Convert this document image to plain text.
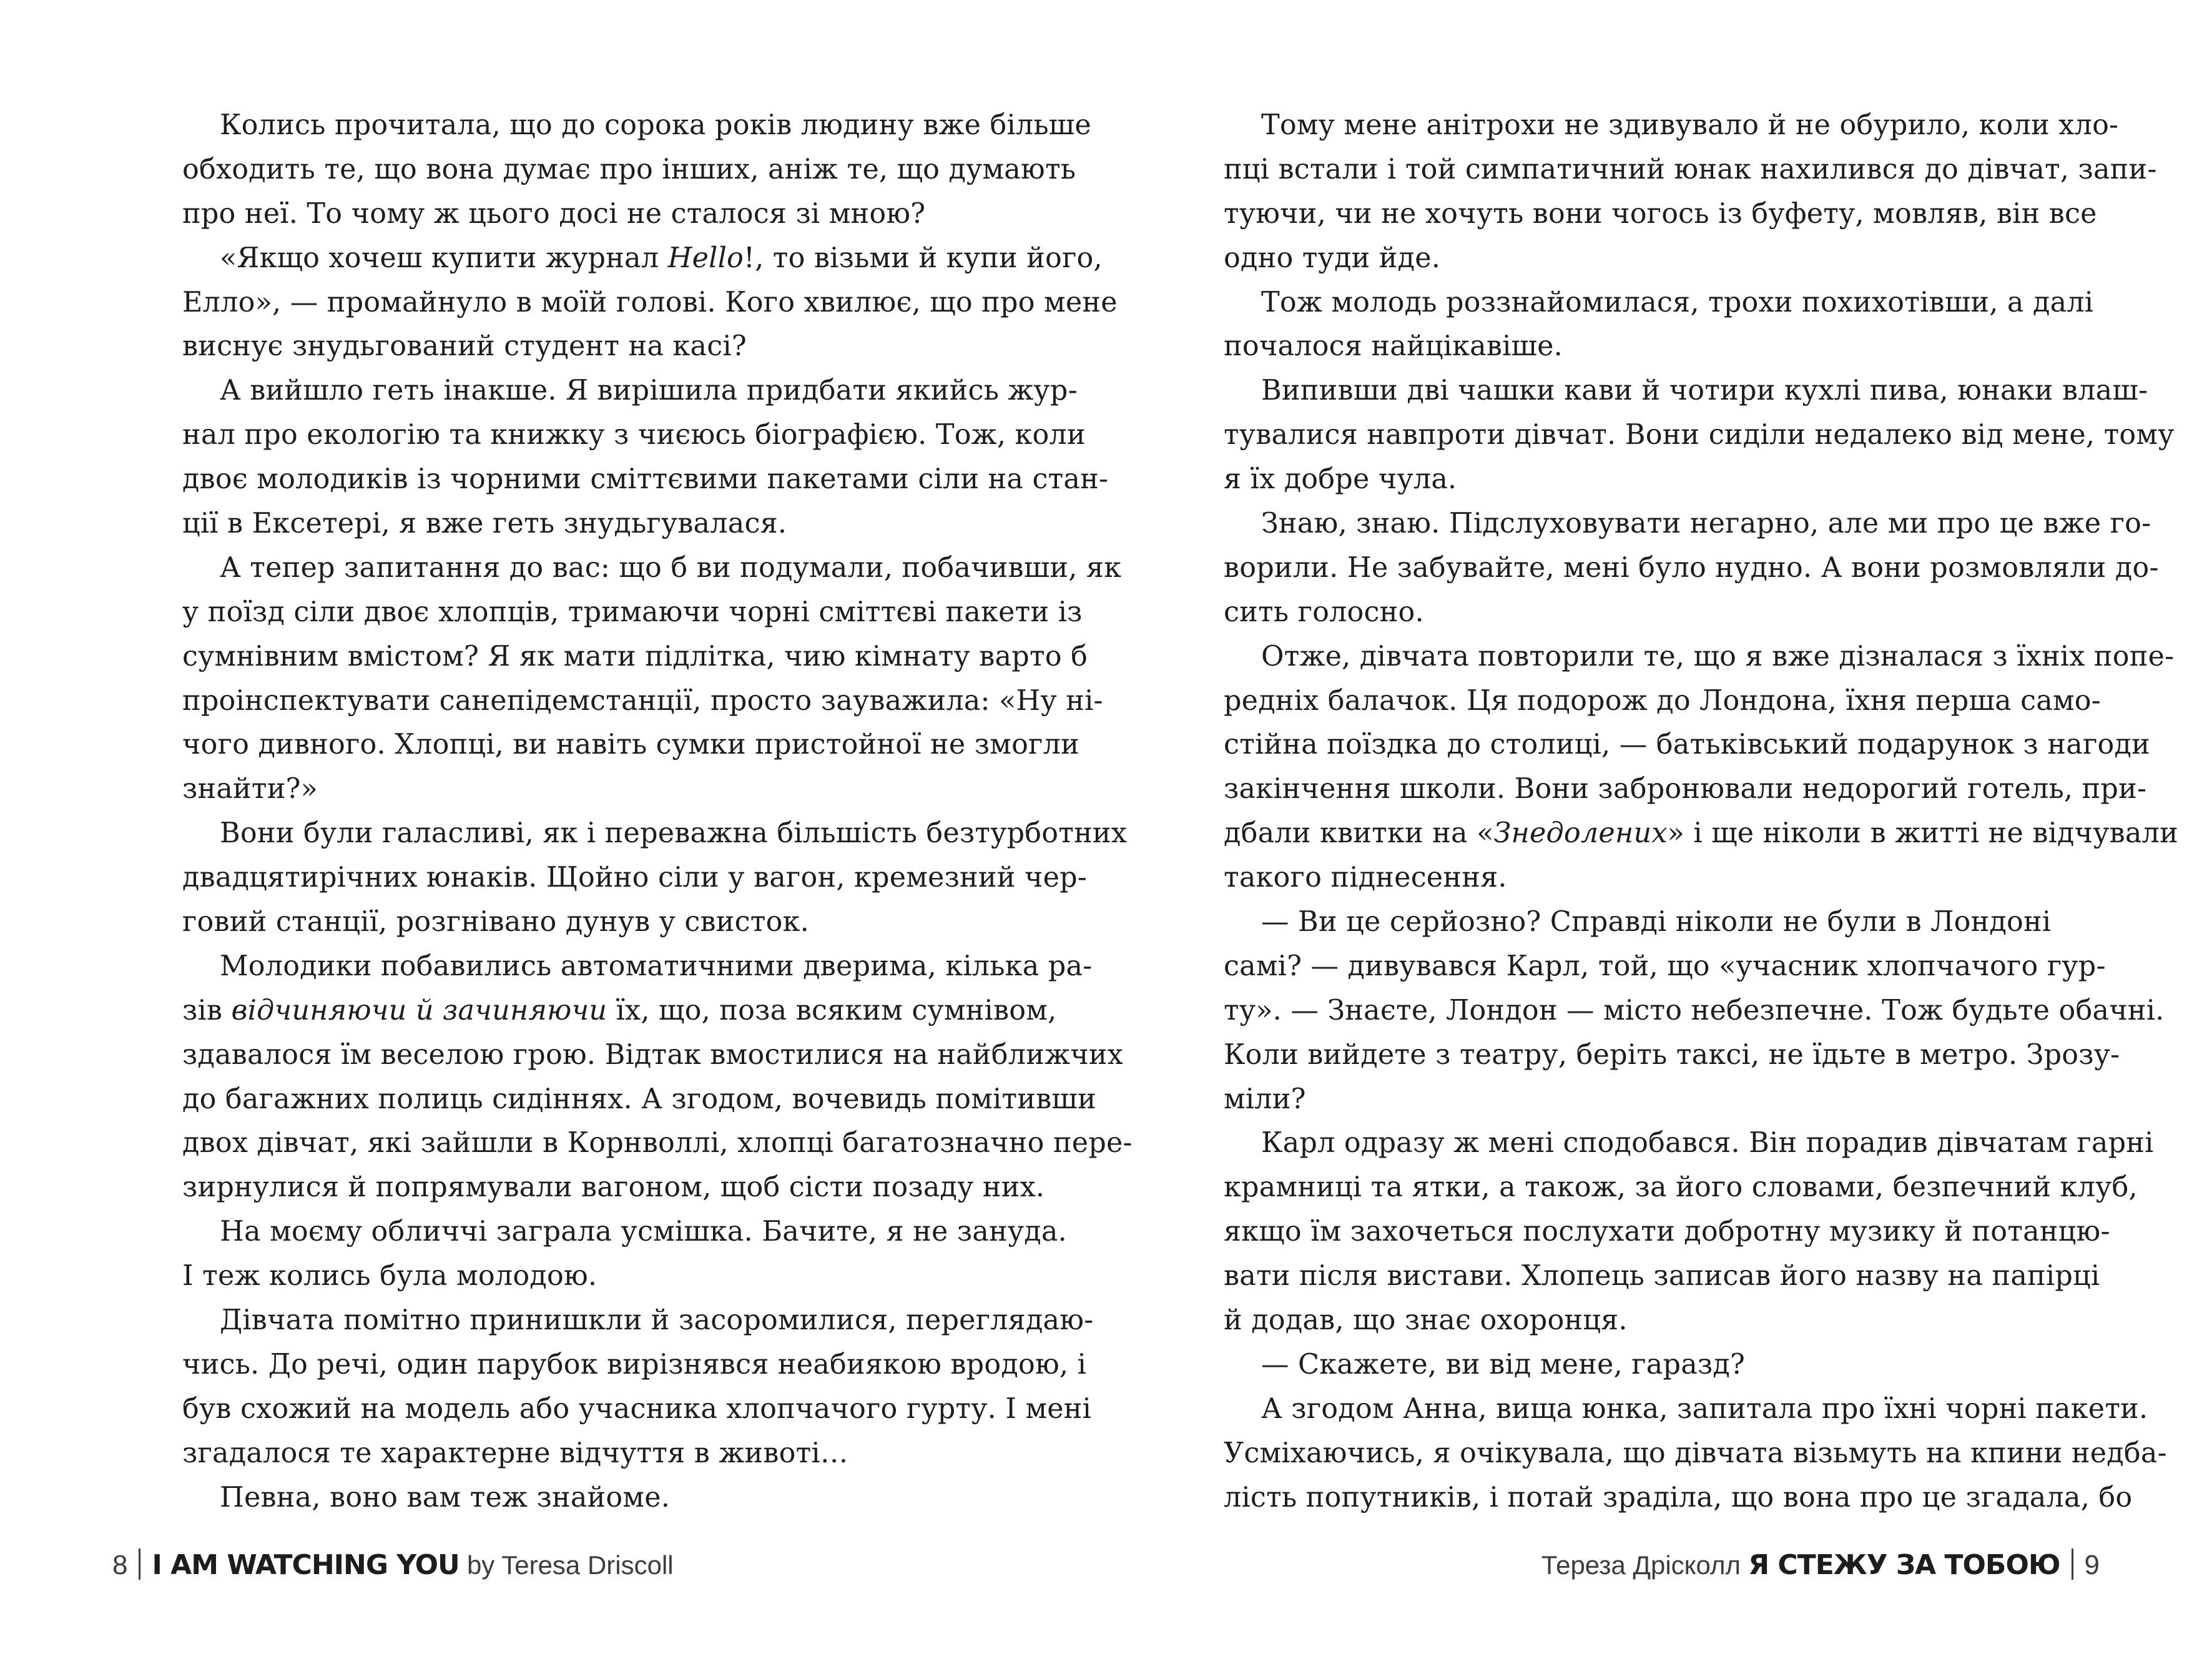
Колись прочитала, що до сорока років людину вже більше
обходить те, що вона думає про інших, аніж те, що думають
про неї. То чому ж цього досі не сталося зі мною?
«Якщо хочеш купити журнал Hello!, то візьми й купи його,
Елло», — промайнуло в моїй голові. Кого хвилює, що про мене
виснує знудьгований студент на касі?
А вийшло геть інакше. Я вирішила придбати якийсь жур-
нал про екологію та книжку з чиєюсь біографією. Тож, коли
двоє молодиків із чорними сміттєвими пакетами сіли на стан-
ції в Ексетері, я вже геть знудьгувалася.
А тепер запитання до вас: що б ви подумали, побачивши, як
у поїзд сіли двоє хлопців, тримаючи чорні сміттєві пакети із
сумнівним вмістом? Я як мати підлітка, чию кімнату варто б
проінспектувати санепідемстанції, просто зауважила: «Ну ні-
чого дивного. Хлопці, ви навіть сумки пристойної не змогли
знайти?»
Вони були галасливі, як і переважна більшість безтурботних
двадцятирічних юнаків. Щойно сіли у вагон, кремезний чер-
говий станції, розгнівано дунув у свисток.
Молодики побавились автоматичними дверима, кілька ра-
зів відчиняючи й зачиняючи їх, що, поза всяким сумнівом,
здавалося їм веселою грою. Відтак вмостилися на найближчих
до багажних полиць сидіннях. А згодом, вочевидь помітивши
двох дівчат, які зайшли в Корнволлі, хлопці багатозначно пере-
зирнулися й попрямували вагоном, щоб сісти позаду них.
На моєму обличчі заграла усмішка. Бачите, я не зануда.
І теж колись була молодою.
Дівчата помітно принишкли й засоромилися, переглядаю-
чись. До речі, один парубок вирізнявся неабиякою вродою, і
був схожий на модель або учасника хлопчачого гурту. І мені
згадалося те характерне відчуття в животі…
Певна, воно вам теж знайоме.
8 I AM WATCHING YOU by Teresa Driscoll
Тому мене анітрохи не здивувало й не обурило, коли хло-
пці встали і той симпатичний юнак нахилився до дівчат, запи-
туючи, чи не хочуть вони чогось із буфету, мовляв, він все
одно туди йде.
Тож молодь роззнайомилася, трохи похихотівши, а далі
почалося найцікавіше.
Випивши дві чашки кави й чотири кухлі пива, юнаки влаш-
тувалися навпроти дівчат. Вони сиділи недалеко від мене, тому
я їх добре чула.
Знаю, знаю. Підслуховувати негарно, але ми про це вже го-
ворили. Не забувайте, мені було нудно. А вони розмовляли до-
сить голосно.
Отже, дівчата повторили те, що я вже дізналася з їхніх попе-
редніх балачок. Ця подорож до Лондона, їхня перша само-
стійна поїздка до столиці, — батьківський подарунок з нагоди
закінчення школи. Вони забронювали недорогий готель, при-
дбали квитки на «Знедолених» і ще ніколи в житті не відчували
такого піднесення.
— Ви це серйозно? Справді ніколи не були в Лондоні
самі? — дивувався Карл, той, що «учасник хлопчачого гур-
ту». — Знаєте, Лондон — місто небезпечне. Тож будьте обачні.
Коли вийдете з театру, беріть таксі, не їдьте в метро. Зрозу-
міли?
Карл одразу ж мені сподобався. Він порадив дівчатам гарні
крамниці та ятки, а також, за його словами, безпечний клуб,
якщо їм захочеться послухати добротну музику й потанцю-
вати після вистави. Хлопець записав його назву на папірці
й додав, що знає охоронця.
— Скажете, ви від мене, гаразд?
А згодом Анна, вища юнка, запитала про їхні чорні пакети.
Усміхаючись, я очікувала, що дівчата візьмуть на кпини недба-
лість попутників, і потай зраділа, що вона про це згадала, бо
Тереза Дрісколл Я СТЕЖУ ЗА ТОБОЮ 9
